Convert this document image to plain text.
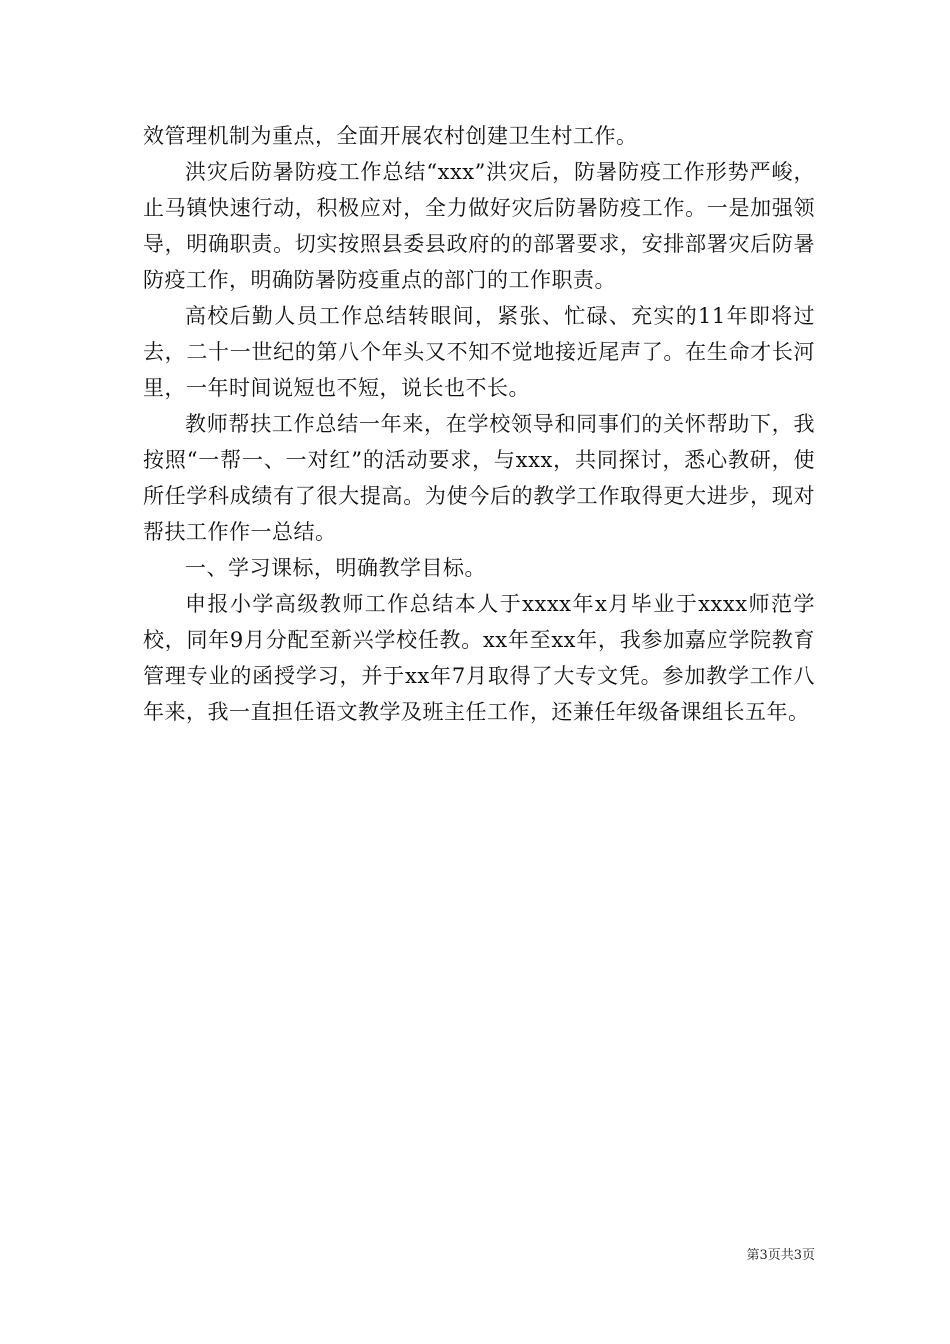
效管理机制为重点，全面开展农村创建卫生村工作。

洪灾后防暑防疫工作总结“xxx”洪灾后，防暑防疫工作形势严峻，止马镇快速行动，积极应对，全力做好灾后防暑防疫工作。一是加强领导，明确职责。切实按照县委县政府的的部署要求，安排部署灾后防暑防疫工作，明确防暑防疫重点的部门的工作职责。

高校后勤人员工作总结转眼间，紧张、忙碌、充实的11年即将过去，二十一世纪的第八个年头又不知不觉地接近尾声了。在生命才长河里，一年时间说短也不短，说长也不长。

教师帮扶工作总结一年来，在学校领导和同事们的关怀帮助下，我按照“一帮一、一对红”的活动要求，与xxx，共同探讨，悉心教研，使所任学科成绩有了很大提高。为使今后的教学工作取得更大进步，现对帮扶工作作一总结。

一、学习课标，明确教学目标。

申报小学高级教师工作总结本人于xxxx年x月毕业于xxxx师范学校，同年9月分配至新兴学校任教。xx年至xx年，我参加嘉应学院教育管理专业的函授学习，并于xx年7月取得了大专文凭。参加教学工作八年来，我一直担任语文教学及班主任工作，还兼任年级备课组长五年。

第3页共3页
